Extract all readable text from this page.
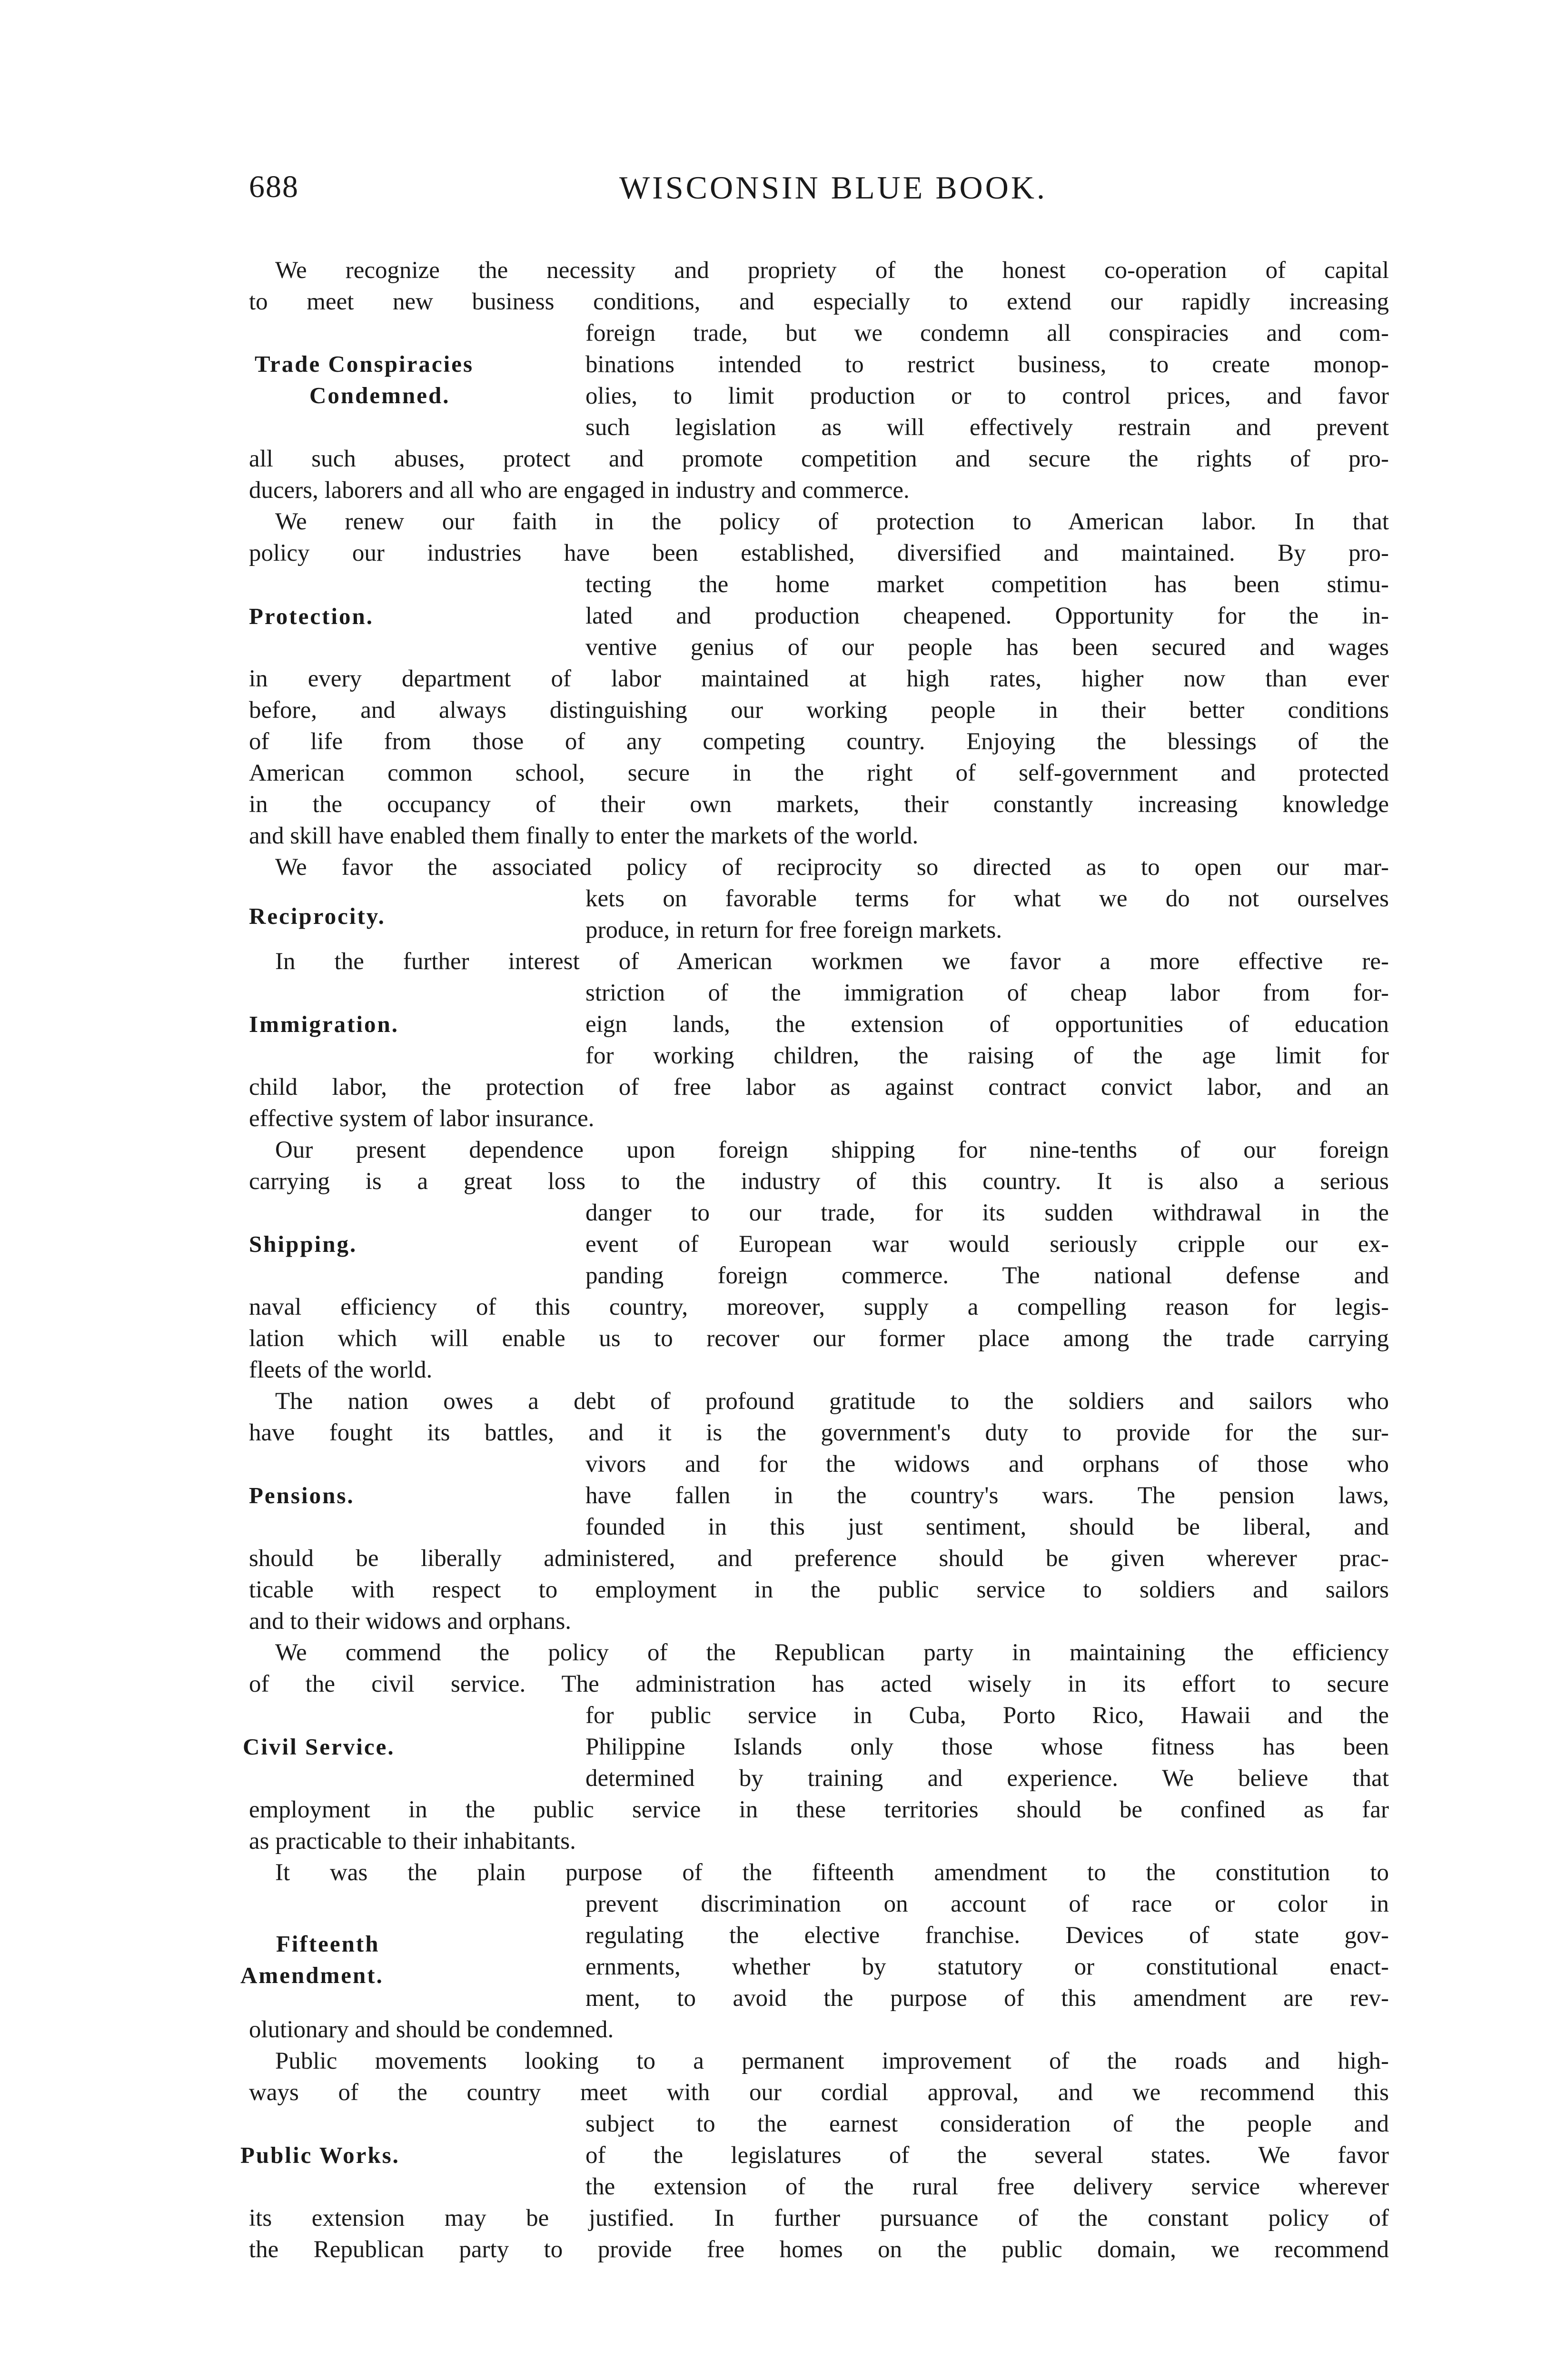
688	WISCONSIN BLUE BOOK.
We recognize the necessity and propriety of the honest co-operation of capital
to meet new business conditions, and especially to extend our rapidly increasing
Trade Conspiracies
Condemned.
foreign trade, but we condemn all conspiracies and com-
binations intended to restrict business, to create monop-
olies, to limit production or to control prices, and favor
such legislation as will effectively restrain and prevent
all such abuses, protect and promote competition and secure the rights of pro-
ducers, laborers and all who are engaged in industry and commerce.
We renew our faith in the policy of protection to American labor. In that
policy our industries have been established, diversified and maintained. By pro-
Protection.
tecting the home market competition has been stimu-
lated and production cheapened. Opportunity for the in-
ventive genius of our people has been secured and wages
in every department of labor maintained at high rates, higher now than ever
before, and always distinguishing our working people in their better conditions
of life from those of any competing country. Enjoying the blessings of the
American common school, secure in the right of self-government and protected
in the occupancy of their own markets, their constantly increasing knowledge
and skill have enabled them finally to enter the markets of the world.
We favor the associated policy of reciprocity so directed as to open our mar-
Reciprocity.
kets on favorable terms for what we do not ourselves
produce, in return for free foreign markets.
In the further interest of American workmen we favor a more effective re-
Immigration.
striction of the immigration of cheap labor from for-
eign lands, the extension of opportunities of education
for working children, the raising of the age limit for
child labor, the protection of free labor as against contract convict labor, and an
effective system of labor insurance.
Our present dependence upon foreign shipping for nine-tenths of our foreign
carrying is a great loss to the industry of this country. It is also a serious
Shipping.
danger to our trade, for its sudden withdrawal in the
event of European war would seriously cripple our ex-
panding foreign commerce. The national defense and
naval efficiency of this country, moreover, supply a compelling reason for legis-
lation which will enable us to recover our former place among the trade carrying
fleets of the world.
The nation owes a debt of profound gratitude to the soldiers and sailors who
have fought its battles, and it is the government's duty to provide for the sur-
Pensions.
vivors and for the widows and orphans of those who
have fallen in the country's wars. The pension laws,
founded in this just sentiment, should be liberal, and
should be liberally administered, and preference should be given wherever prac-
ticable with respect to employment in the public service to soldiers and sailors
and to their widows and orphans.
We commend the policy of the Republican party in maintaining the efficiency
of the civil service. The administration has acted wisely in its effort to secure
Civil Service.
for public service in Cuba, Porto Rico, Hawaii and the
Philippine Islands only those whose fitness has been
determined by training and experience. We believe that
employment in the public service in these territories should be confined as far
as practicable to their inhabitants.
It was the plain purpose of the fifteenth amendment to the constitution to
Fifteenth
Amendment.
prevent discrimination on account of race or color in
regulating the elective franchise. Devices of state gov-
ernments, whether by statutory or constitutional enact-
ment, to avoid the purpose of this amendment are rev-
olutionary and should be condemned.
Public movements looking to a permanent improvement of the roads and high-
ways of the country meet with our cordial approval, and we recommend this
Public Works.
subject to the earnest consideration of the people and
of the legislatures of the several states. We favor
the extension of the rural free delivery service wherever
its extension may be justified. In further pursuance of the constant policy of
the Republican party to provide free homes on the public domain, we recommend
